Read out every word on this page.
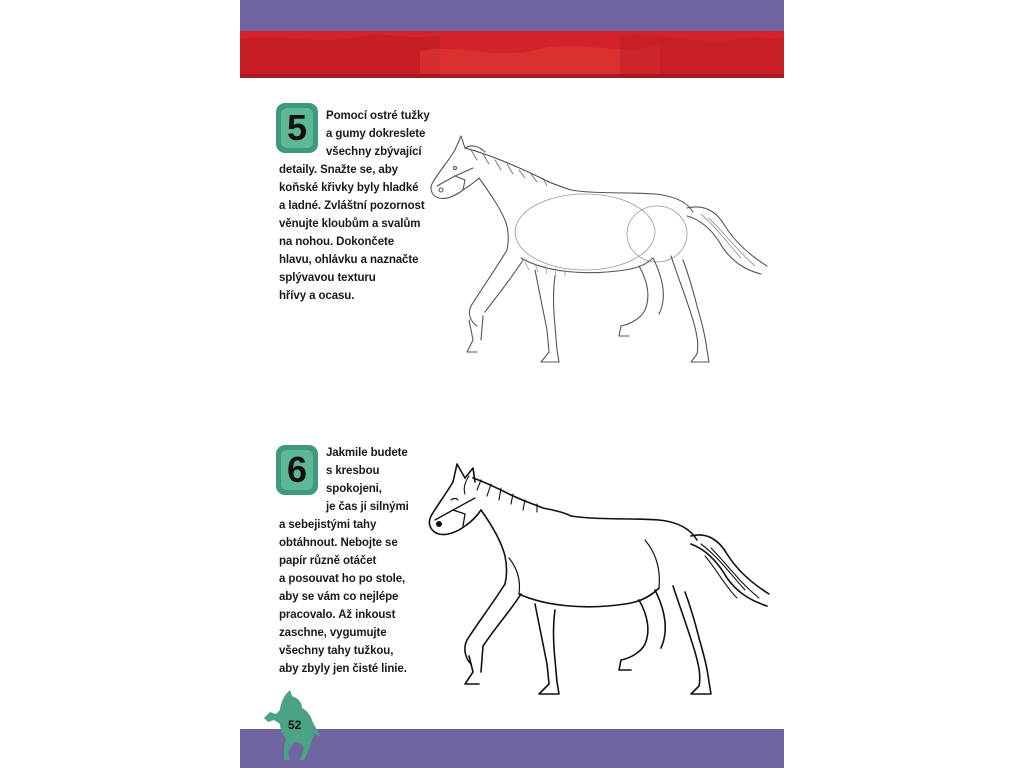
5	Pomocí ostré tužky
a gumy dokreslete
všechny zbývající
detaily. Snažte se, aby
koňské křivky byly hladké
a ladné. Zvláštní pozornost
věnujte kloubům a svalům
na nohou. Dokončete
hlavu, ohlávku a naznačte
splývavou texturu
hřívy a ocasu.
6	Jakmile budete
s kresbou
spokojeni,
je čas ji silnými
a sebejistými tahy
obtáhnout. Nebojte se
papír různě otáčet
a posouvat ho po stole,
aby se vám co nejlépe
pracovalo. Až inkoust
zaschne, vygumujte
všechny tahy tužkou,
aby zbyly jen čisté linie.
52
